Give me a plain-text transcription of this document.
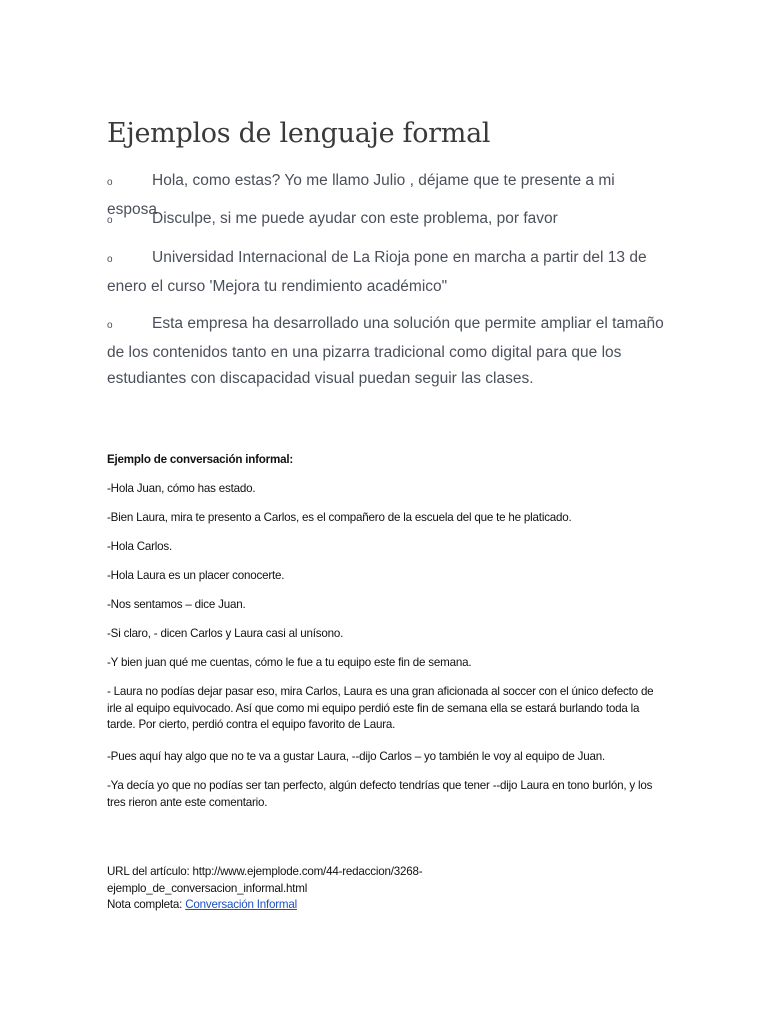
Ejemplos de lenguaje formal
o	Hola, como estas? Yo me llamo Julio , déjame que te presente a mi esposa
o	Disculpe, si me puede ayudar con este problema, por favor
o	Universidad Internacional de La Rioja pone en marcha a partir del 13 de enero el curso 'Mejora tu rendimiento académico"
o	Esta empresa ha desarrollado una solución que permite ampliar el tamaño de los contenidos tanto en una pizarra tradicional como digital para que los estudiantes con discapacidad visual puedan seguir las clases.
Ejemplo de conversación informal:
-Hola Juan, cómo has estado.
-Bien Laura, mira te presento a Carlos, es el compañero de la escuela del que te he platicado.
-Hola Carlos.
-Hola Laura es un placer conocerte.
-Nos sentamos – dice Juan.
-Si claro, - dicen Carlos y Laura casi al unísono.
-Y bien juan qué me cuentas, cómo le fue a tu equipo este fin de semana.
- Laura no podías dejar pasar eso, mira Carlos, Laura es una gran aficionada al soccer con el único defecto de irle al equipo equivocado. Así que como mi equipo perdió este fin de semana ella se estará burlando toda la tarde. Por cierto, perdió contra el equipo favorito de Laura.
-Pues aquí hay algo que no te va a gustar Laura, --dijo Carlos – yo también le voy al equipo de Juan.
-Ya decía yo que no podías ser tan perfecto, algún defecto tendrías que tener --dijo Laura en tono burlón, y los tres rieron ante este comentario.
URL del artículo: http://www.ejemplode.com/44-redaccion/3268-
ejemplo_de_conversacion_informal.html
Nota completa: Conversación Informal
